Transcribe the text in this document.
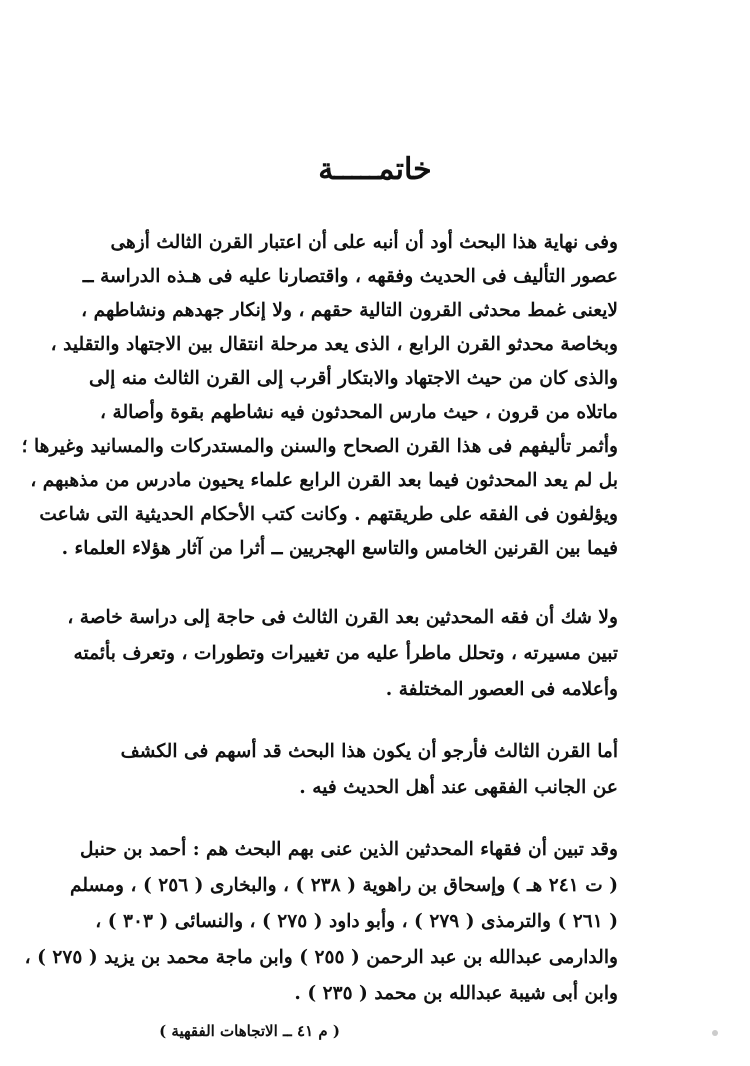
خاتمـــــة
وفى نهاية هذا البحث أود أن أنبه على أن اعتبار القرن الثالث أزهى
عصور التأليف فى الحديث وفقهه ، واقتصارنا عليه فى هـذه الدراسة ــ
لايعنى غمط محدثى القرون التالية حقهم ، ولا إنكار جهدهم ونشاطهم ،
وبخاصة محدثو القرن الرابع ، الذى يعد مرحلة انتقال بين الاجتهاد والتقليد ،
والذى كان من حيث الاجتهاد والابتكار أقرب إلى القرن الثالث منه إلى
ماتلاه من قرون ، حيث مارس المحدثون فيه نشاطهم بقوة وأصالة ،
وأثمر تأليفهم فى هذا القرن الصحاح والسنن والمستدركات والمسانيد وغيرها ؛
بل لم يعد المحدثون فيما بعد القرن الرابع علماء يحيون مادرس من مذهبهم ،
ويؤلفون فى الفقه على طريقتهم . وكانت كتب الأحكام الحديثية التى شاعت
فيما بين القرنين الخامس والتاسع الهجريين ــ أثرا من آثار هؤلاء العلماء .
ولا شك أن فقه المحدثين بعد القرن الثالث فى حاجة إلى دراسة خاصة ،
تبين مسيرته ، وتحلل ماطرأ عليه من تغييرات وتطورات ، وتعرف بأئمته
وأعلامه فى العصور المختلفة .
أما القرن الثالث فأرجو أن يكون هذا البحث قد أسهم فى الكشف
عن الجانب الفقهى عند أهل الحديث فيه .
وقد تبين أن فقهاء المحدثين الذين عنى بهم البحث هم : أحمد بن حنبل
( ت ٢٤١ هـ ) وإسحاق بن راهوية ( ٢٣٨ ) ، والبخارى ( ٢٥٦ ) ، ومسلم
( ٢٦١ ) والترمذى ( ٢٧٩ ) ، وأبو داود ( ٢٧٥ ) ، والنسائى ( ٣٠٣ ) ،
والدارمى عبدالله بن عبد الرحمن ( ٢٥٥ ) وابن ماجة محمد بن يزيد ( ٢٧٥ ) ،
وابن أبى شيبة عبدالله بن محمد ( ٢٣٥ ) .
( م ٤١ ــ الاتجاهات الفقهية )
